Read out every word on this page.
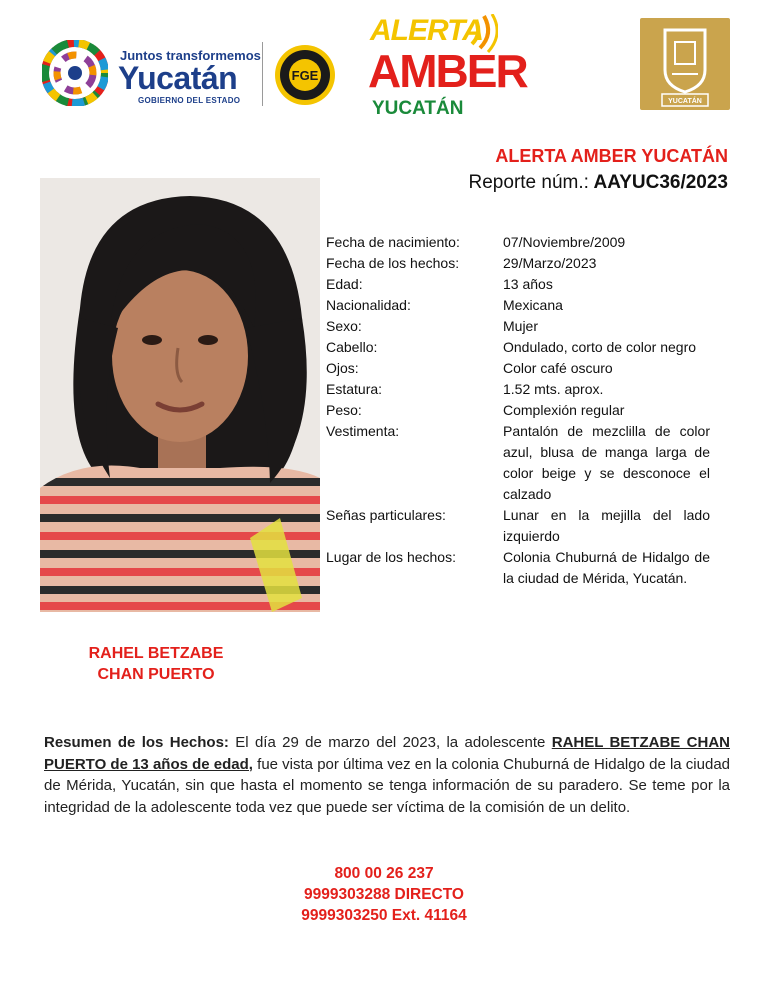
Juntos transformemos
Yucatán
GOBIERNO DEL ESTADO
FGE
ALERTA
AMBER
YUCATÁN	YUCATÁN
ALERTA AMBER YUCATÁN
Reporte núm.: AAYUC36/2023
RAHEL BETZABE
CHAN PUERTO
Fecha de nacimiento:	07/Noviembre/2009
Fecha de los hechos:	29/Marzo/2023
Edad:	13 años
Nacionalidad:	Mexicana
Sexo:	Mujer
Cabello:	Ondulado, corto de color negro
Ojos:	Color café oscuro
Estatura:	1.52 mts. aprox.
Peso:	Complexión regular
Vestimenta:	Pantalón de mezclilla de color azul, blusa de manga larga de color beige y se desconoce el calzado
Señas particulares:	Lunar en la mejilla del lado izquierdo
Lugar de los hechos:	Colonia Chuburná de Hidalgo de la ciudad de Mérida, Yucatán.
Resumen de los Hechos: El día 29 de marzo del 2023, la adolescente RAHEL BETZABE CHAN PUERTO de 13 años de edad, fue vista por última vez en la colonia Chuburná de Hidalgo de la ciudad de Mérida, Yucatán, sin que hasta el momento se tenga información de su paradero. Se teme por la integridad de la adolescente toda vez que puede ser víctima de la comisión de un delito.
800 00 26 237
9999303288 DIRECTO
9999303250 Ext. 41164
